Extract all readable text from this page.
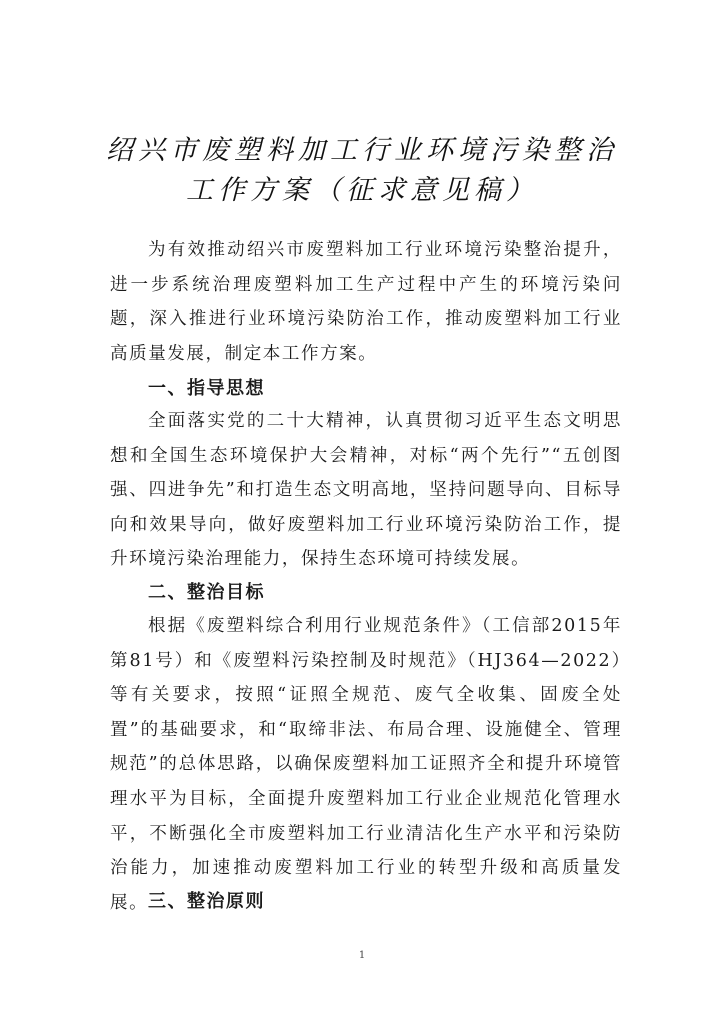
绍兴市废塑料加工行业环境污染整治
工作方案（征求意见稿）

为有效推动绍兴市废塑料加工行业环境污染整治提升，进一步系统治理废塑料加工生产过程中产生的环境污染问题，深入推进行业环境污染防治工作，推动废塑料加工行业高质量发展，制定本工作方案。

一、指导思想

全面落实党的二十大精神，认真贯彻习近平生态文明思想和全国生态环境保护大会精神，对标“两个先行”“五创图强、四进争先”和打造生态文明高地，坚持问题导向、目标导向和效果导向，做好废塑料加工行业环境污染防治工作，提升环境污染治理能力，保持生态环境可持续发展。

二、整治目标

根据《废塑料综合利用行业规范条件》（工信部2015年第81号）和《废塑料污染控制及时规范》（HJ364—2022）等有关要求，按照“证照全规范、废气全收集、固废全处置”的基础要求，和“取缔非法、布局合理、设施健全、管理规范”的总体思路，以确保废塑料加工证照齐全和提升环境管理水平为目标，全面提升废塑料加工行业企业规范化管理水平，不断强化全市废塑料加工行业清洁化生产水平和污染防治能力，加速推动废塑料加工行业的转型升级和高质量发展。 三、整治原则

1
